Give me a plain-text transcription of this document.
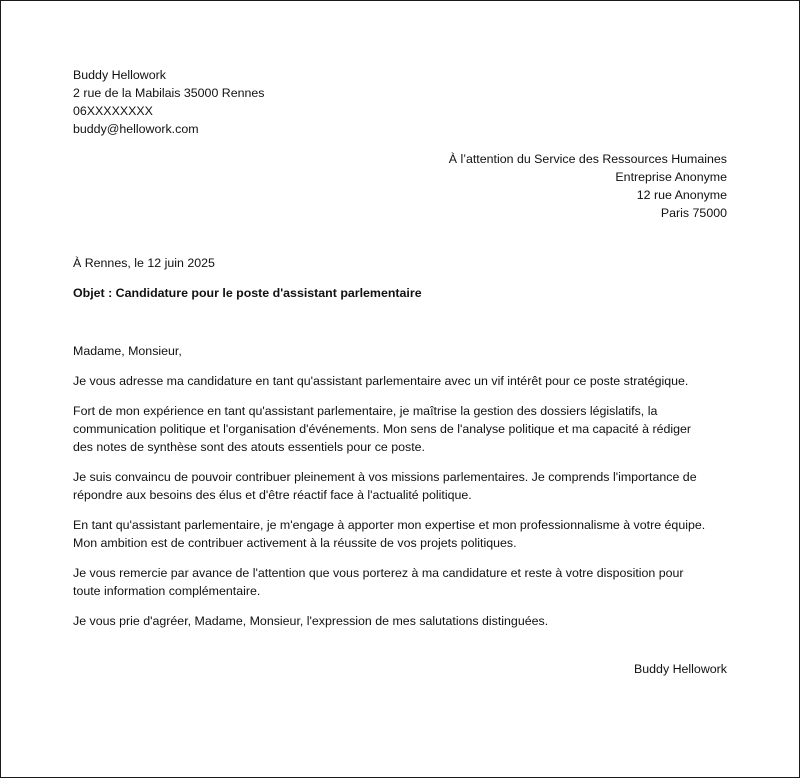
Buddy Hellowork
2 rue de la Mabilais 35000 Rennes
06XXXXXXXX
buddy@hellowork.com
À l’attention du Service des Ressources Humaines
Entreprise Anonyme
12 rue Anonyme
Paris 75000
À Rennes, le 12 juin 2025
Objet : Candidature pour le poste d'assistant parlementaire
Madame, Monsieur,
Je vous adresse ma candidature en tant qu'assistant parlementaire avec un vif intérêt pour ce poste stratégique.
Fort de mon expérience en tant qu'assistant parlementaire, je maîtrise la gestion des dossiers législatifs, la
communication politique et l'organisation d'événements. Mon sens de l'analyse politique et ma capacité à rédiger
des notes de synthèse sont des atouts essentiels pour ce poste.
Je suis convaincu de pouvoir contribuer pleinement à vos missions parlementaires. Je comprends l'importance de
répondre aux besoins des élus et d'être réactif face à l'actualité politique.
En tant qu'assistant parlementaire, je m'engage à apporter mon expertise et mon professionnalisme à votre équipe.
Mon ambition est de contribuer activement à la réussite de vos projets politiques.
Je vous remercie par avance de l'attention que vous porterez à ma candidature et reste à votre disposition pour
toute information complémentaire.
Je vous prie d'agréer, Madame, Monsieur, l'expression de mes salutations distinguées.
Buddy Hellowork
